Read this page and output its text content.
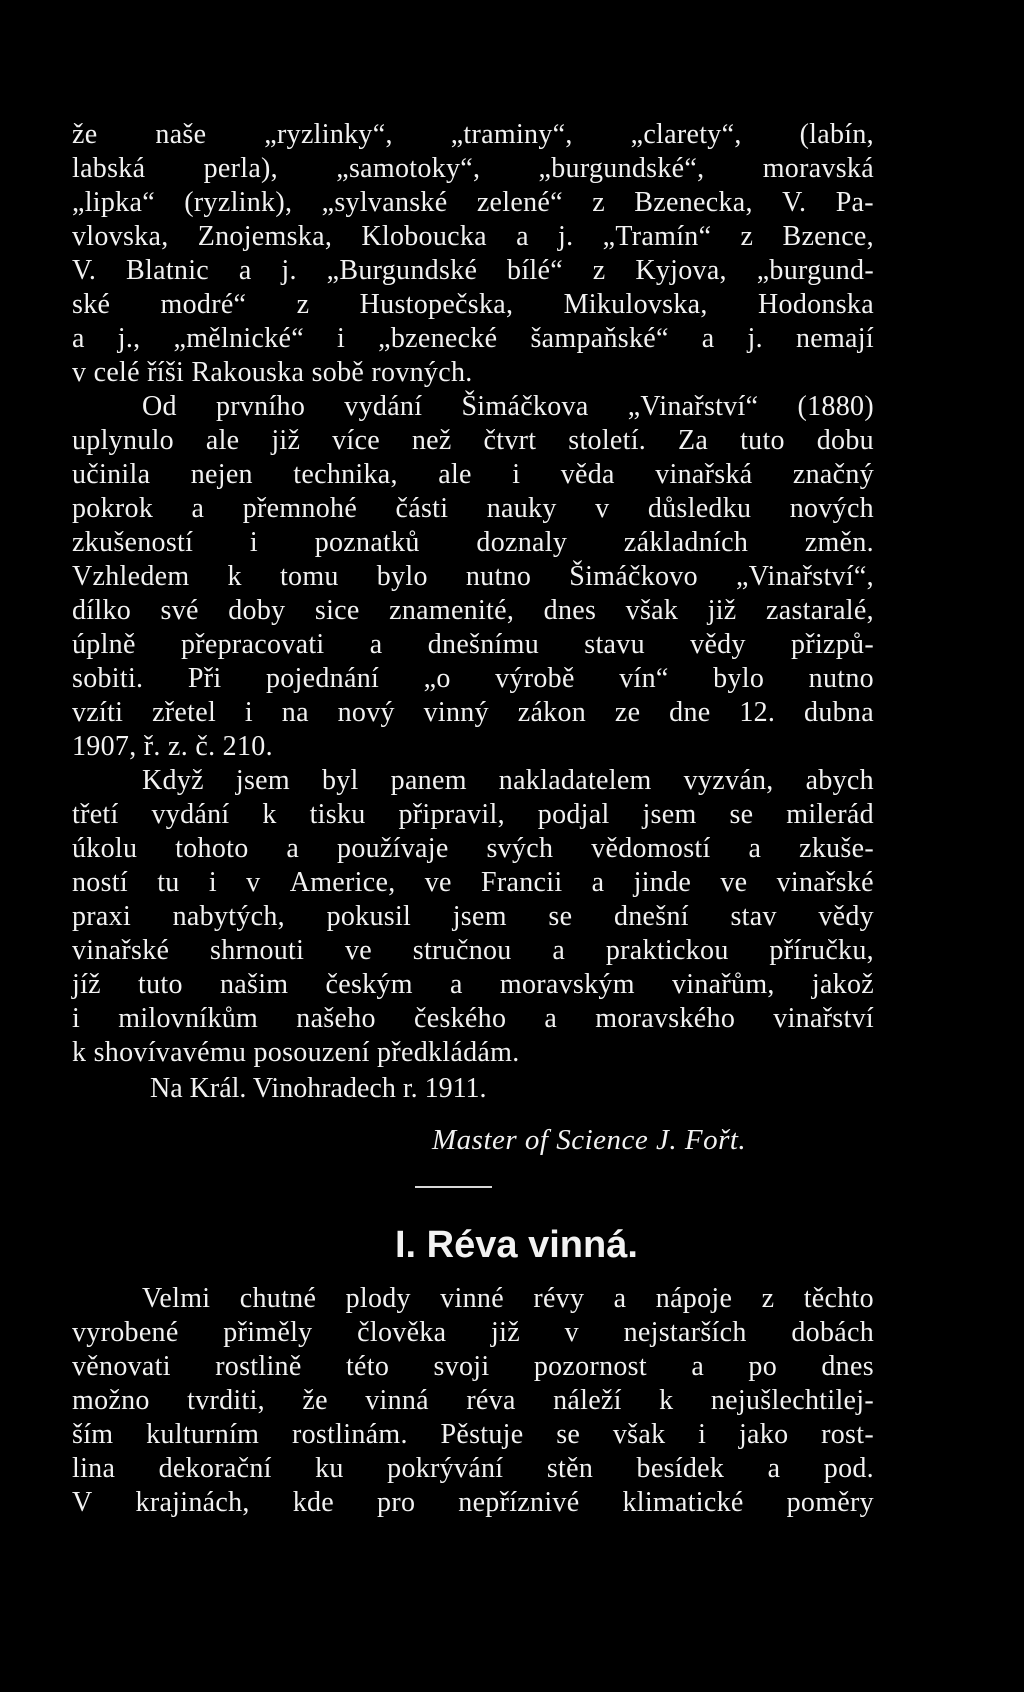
že naše „ryzlinky“, „traminy“, „clarety“, (labín,
labská perla), „samotoky“, „burgundské“, moravská
„lipka“ (ryzlink), „sylvanské zelené“ z Bzenecka, V. Pa-
vlovska, Znojemska, Kloboucka a j. „Tramín“ z Bzence,
V. Blatnic a j. „Burgundské bílé“ z Kyjova, „burgund-
ské modré“ z Hustopečska, Mikulovska, Hodonska
a j., „mělnické“ i „bzenecké šampaňské“ a j. nemají
v celé říši Rakouska sobě rovných.
Od prvního vydání Šimáčkova „Vinařství“ (1880)
uplynulo ale již více než čtvrt století. Za tuto dobu
učinila nejen technika, ale i věda vinařská značný
pokrok a přemnohé části nauky v důsledku nových
zkušeností i poznatků doznaly základních změn.
Vzhledem k tomu bylo nutno Šimáčkovo „Vinařství“,
dílko své doby sice znamenité, dnes však již zastaralé,
úplně přepracovati a dnešnímu stavu vědy přizpů-
sobiti. Při pojednání „o výrobě vín“ bylo nutno
vzíti zřetel i na nový vinný zákon ze dne 12. dubna
1907, ř. z. č. 210.
Když jsem byl panem nakladatelem vyzván, abych
třetí vydání k tisku připravil, podjal jsem se milerád
úkolu tohoto a používaje svých vědomostí a zkuše-
ností tu i v Americe, ve Francii a jinde ve vinařské
praxi nabytých, pokusil jsem se dnešní stav vědy
vinařské shrnouti ve stručnou a praktickou příručku,
jíž tuto našim českým a moravským vinařům, jakož
i milovníkům našeho českého a moravského vinařství
k shovívavému posouzení předkládám.
Na Král. Vinohradech r. 1911.
Master of Science J. Fořt.
I. Réva vinná.
Velmi chutné plody vinné révy a nápoje z těchto
vyrobené přiměly člověka již v nejstarších dobách
věnovati rostlině této svoji pozornost a po dnes
možno tvrditi, že vinná réva náleží k nejušlechtilej-
ším kulturním rostlinám. Pěstuje se však i jako rost-
lina dekorační ku pokrývání stěn besídek a pod.
V krajinách, kde pro nepříznivé klimatické poměry
